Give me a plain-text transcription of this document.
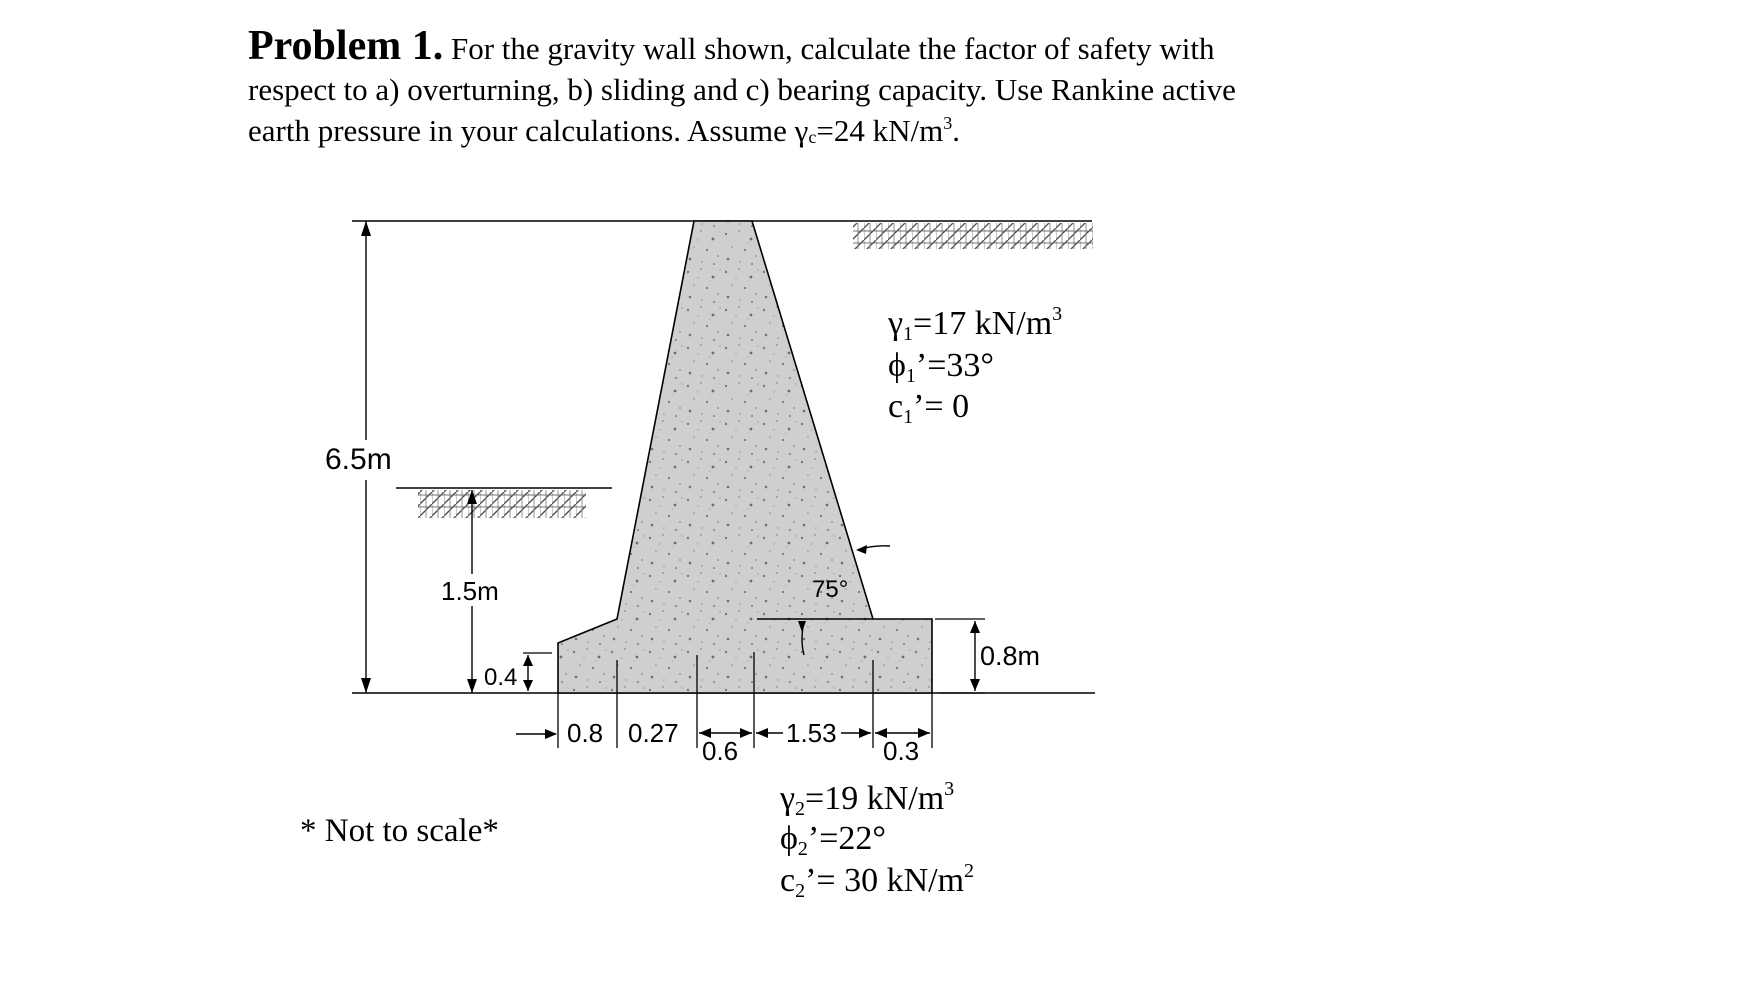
Problem 1. For the gravity wall shown, calculate the factor of safety with
respect to a) overturning, b) sliding and c) bearing capacity. Use Rankine active
earth pressure in your calculations. Assume $\gamma_c=24$ $kN/m^3$.
75°
6.5m
1.5m
0.4
0.8m
0.8 0.27
0.6
1.53
0.3
γ1=17 $kN/m^3$
ϕ1’=33°
c1’= 0
γ2=19 $kN/m^3$
ϕ2’=22°
c2’= 30 $kN/m^2$
* Not to scale*
